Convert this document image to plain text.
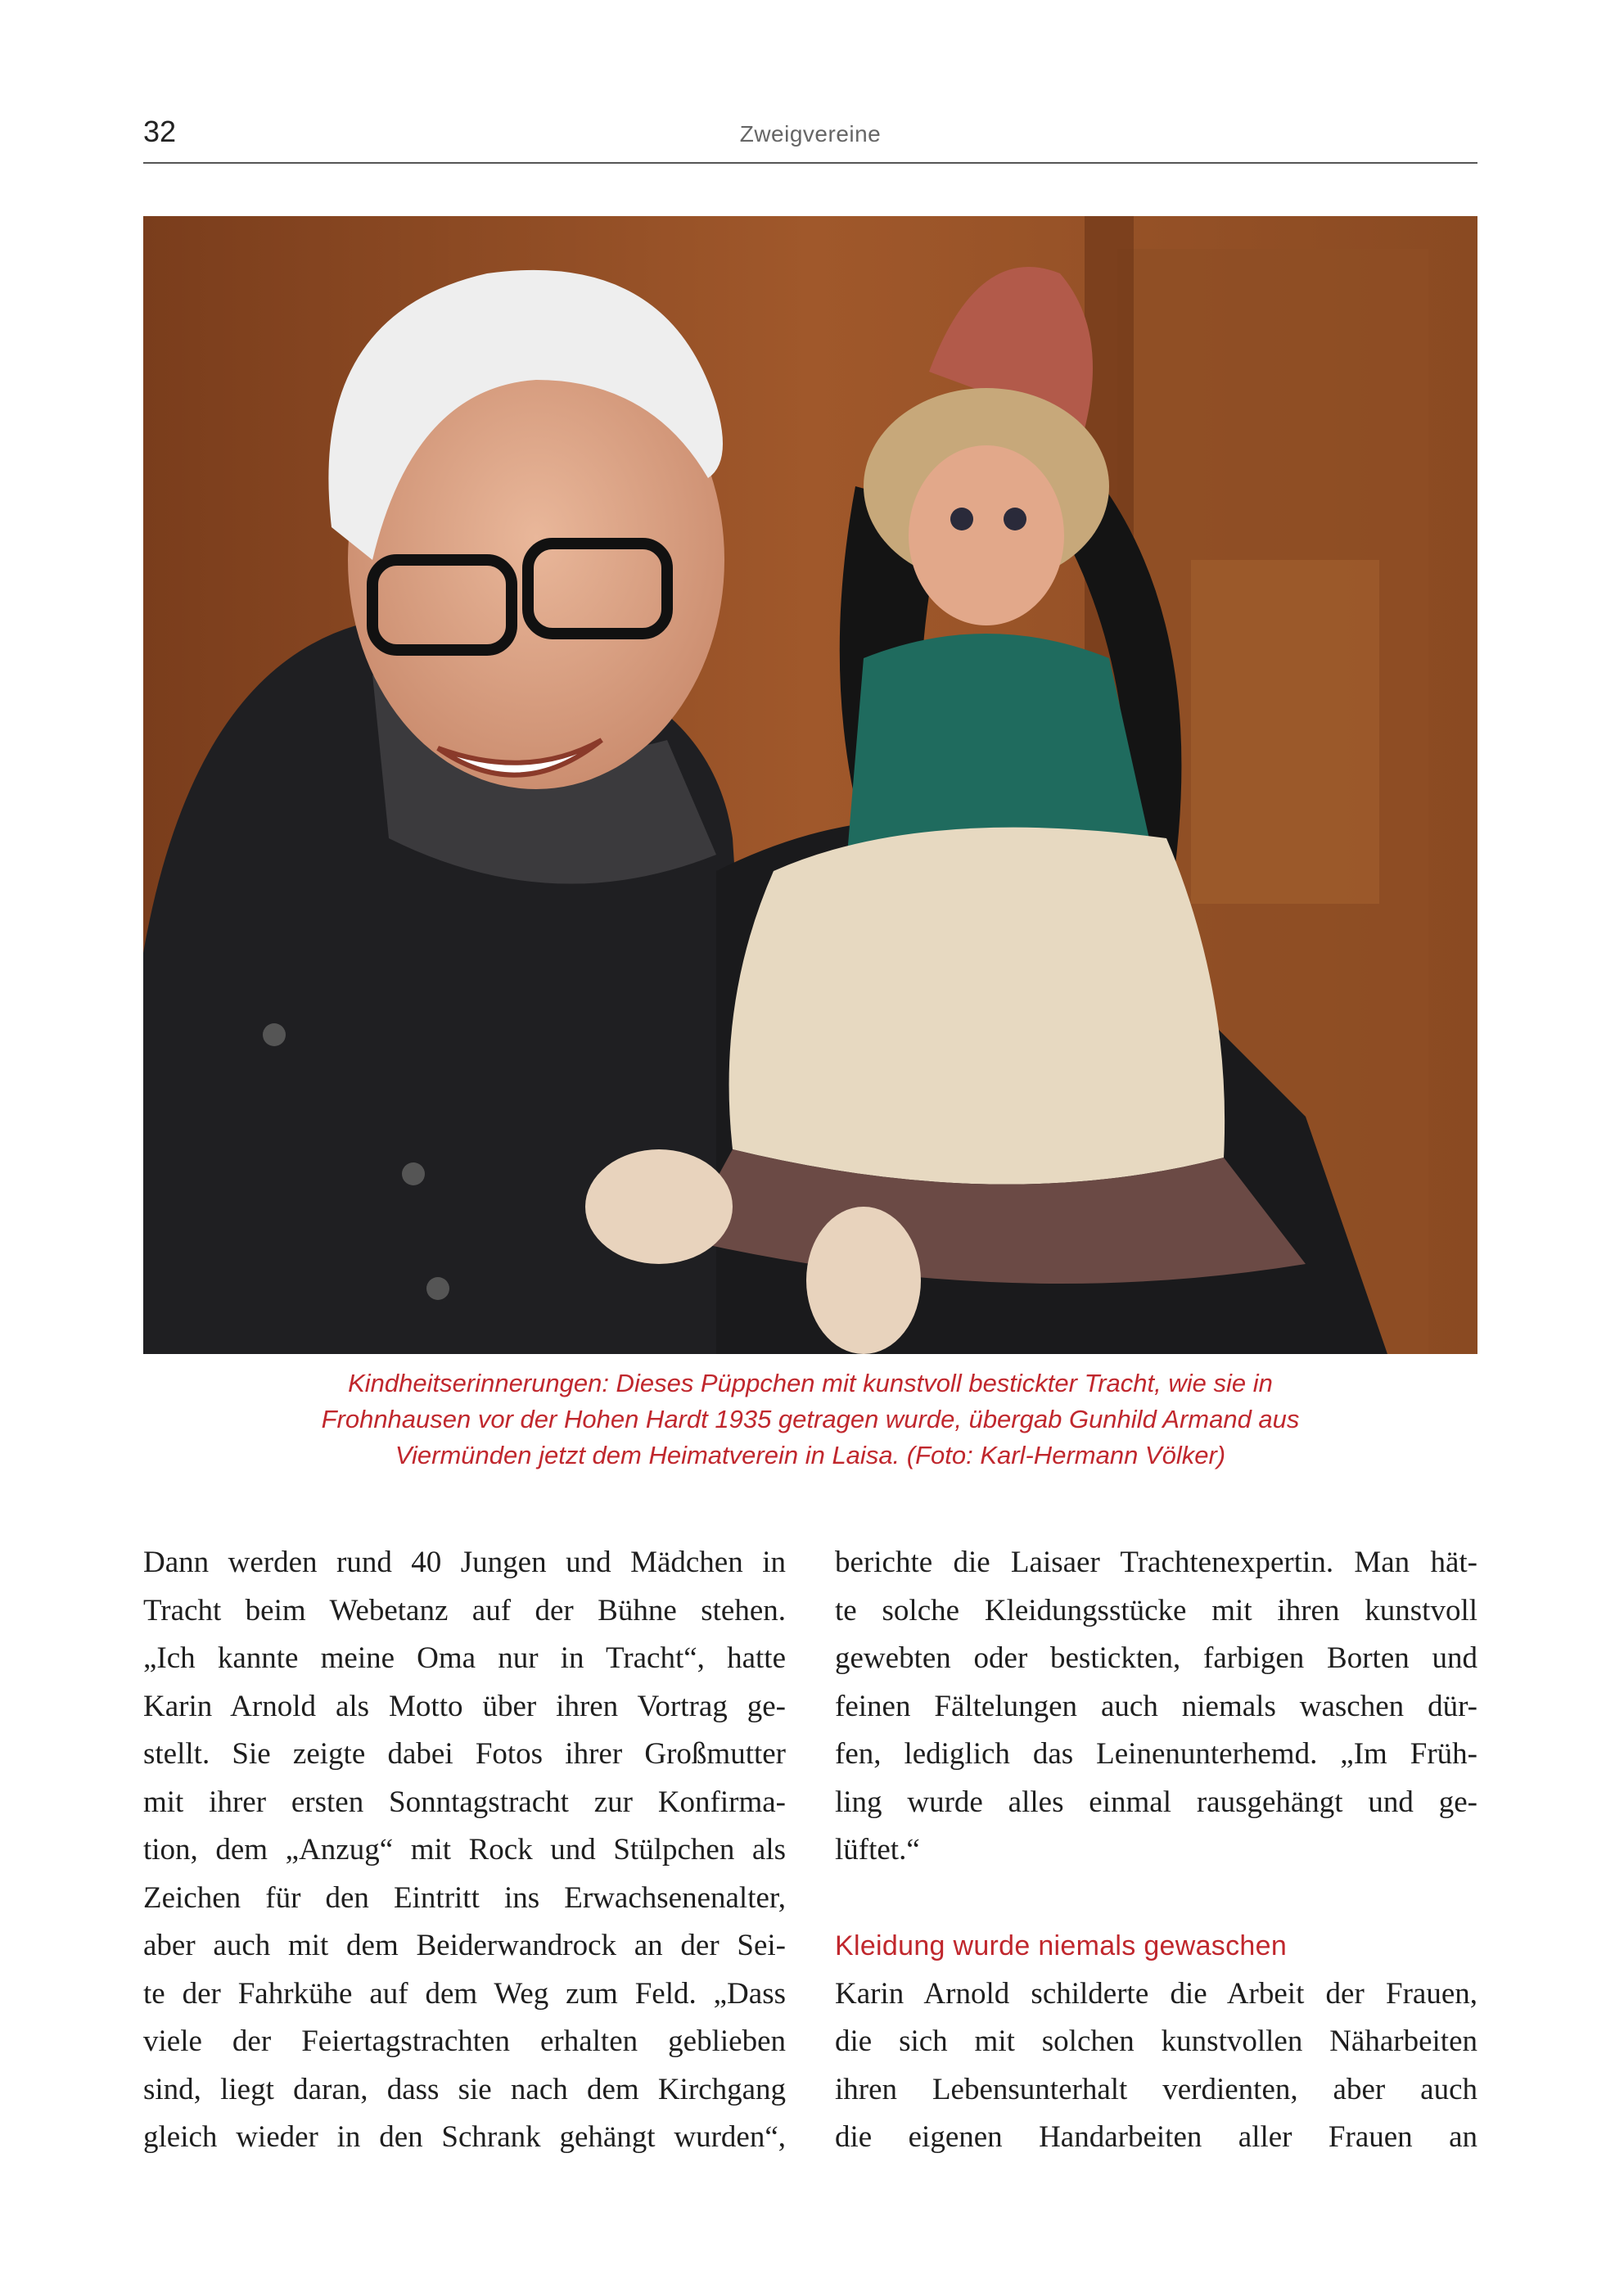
32	Zweigvereine
Kindheitserinnerungen: Dieses Püppchen mit kunstvoll bestickter Tracht, wie sie in
Frohnhausen vor der Hohen Hardt 1935 getragen wurde, übergab Gunhild Armand aus
Viermünden jetzt dem Heimatverein in Laisa. (Foto: Karl-Hermann Völker)
Dann werden rund 40 Jungen und Mädchen in
Tracht beim Webetanz auf der Bühne stehen.
„Ich kannte meine Oma nur in Tracht“, hatte
Karin Arnold als Motto über ihren Vortrag ge-
stellt. Sie zeigte dabei Fotos ihrer Großmutter
mit ihrer ersten Sonntagstracht zur Konfirma-
tion, dem „Anzug“ mit Rock und Stülpchen als
Zeichen für den Eintritt ins Erwachsenenalter,
aber auch mit dem Beiderwandrock an der Sei-
te der Fahrkühe auf dem Weg zum Feld. „Dass
viele der Feiertagstrachten erhalten geblieben
sind, liegt daran, dass sie nach dem Kirchgang
gleich wieder in den Schrank gehängt wurden“,
berichte die Laisaer Trachtenexpertin. Man hät-
te solche Kleidungsstücke mit ihren kunstvoll
gewebten oder bestickten, farbigen Borten und
feinen Fältelungen auch niemals waschen dür-
fen, lediglich das Leinenunterhemd. „Im Früh-
ling wurde alles einmal rausgehängt und ge-
lüftet.“
Kleidung wurde niemals gewaschen
Karin Arnold schilderte die Arbeit der Frauen,
die sich mit solchen kunstvollen Näharbeiten
ihren Lebensunterhalt verdienten, aber auch
die eigenen Handarbeiten aller Frauen an
